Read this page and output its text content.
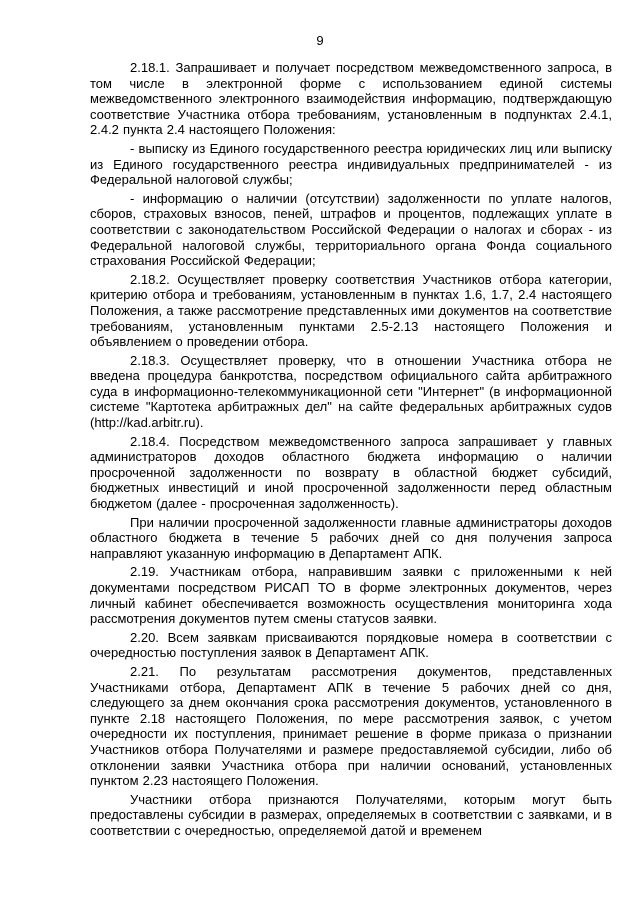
9

2.18.1. Запрашивает и получает посредством межведомственного запроса, в том числе в электронной форме с использованием единой системы межведомственного электронного взаимодействия информацию, подтверждающую соответствие Участника отбора требованиям, установленным в подпунктах 2.4.1, 2.4.2 пункта 2.4 настоящего Положения:

- выписку из Единого государственного реестра юридических лиц или выписку из Единого государственного реестра индивидуальных предпринимателей - из Федеральной налоговой службы;

- информацию о наличии (отсутствии) задолженности по уплате налогов, сборов, страховых взносов, пеней, штрафов и процентов, подлежащих уплате в соответствии с законодательством Российской Федерации о налогах и сборах - из Федеральной налоговой службы, территориального органа Фонда социального страхования Российской Федерации;

2.18.2. Осуществляет проверку соответствия Участников отбора категории, критерию отбора и требованиям, установленным в пунктах 1.6, 1.7, 2.4 настоящего Положения, а также рассмотрение представленных ими документов на соответствие требованиям, установленным пунктами 2.5-2.13 настоящего Положения и объявлением о проведении отбора.

2.18.3. Осуществляет проверку, что в отношении Участника отбора не введена процедура банкротства, посредством официального сайта арбитражного суда в информационно-телекоммуникационной сети "Интернет" (в информационной системе "Картотека арбитражных дел" на сайте федеральных арбитражных судов (http://kad.arbitr.ru).

2.18.4. Посредством межведомственного запроса запрашивает у главных администраторов доходов областного бюджета информацию о наличии просроченной задолженности по возврату в областной бюджет субсидий, бюджетных инвестиций и иной просроченной задолженности перед областным бюджетом (далее - просроченная задолженность).

При наличии просроченной задолженности главные администраторы доходов областного бюджета в течение 5 рабочих дней со дня получения запроса направляют указанную информацию в Департамент АПК.

2.19. Участникам отбора, направившим заявки с приложенными к ней документами посредством РИСАП ТО в форме электронных документов, через личный кабинет обеспечивается возможность осуществления мониторинга хода рассмотрения документов путем смены статусов заявки.

2.20. Всем заявкам присваиваются порядковые номера в соответствии с очередностью поступления заявок в Департамент АПК.

2.21. По результатам рассмотрения документов, представленных Участниками отбора, Департамент АПК в течение 5 рабочих дней со дня, следующего за днем окончания срока рассмотрения документов, установленного в пункте 2.18 настоящего Положения, по мере рассмотрения заявок, с учетом очередности их поступления, принимает решение в форме приказа о признании Участников отбора Получателями и размере предоставляемой субсидии, либо об отклонении заявки Участника отбора при наличии оснований, установленных пунктом 2.23 настоящего Положения.

Участники отбора признаются Получателями, которым могут быть предоставлены субсидии в размерах, определяемых в соответствии с заявками, и в соответствии с очередностью, определяемой датой и временем
